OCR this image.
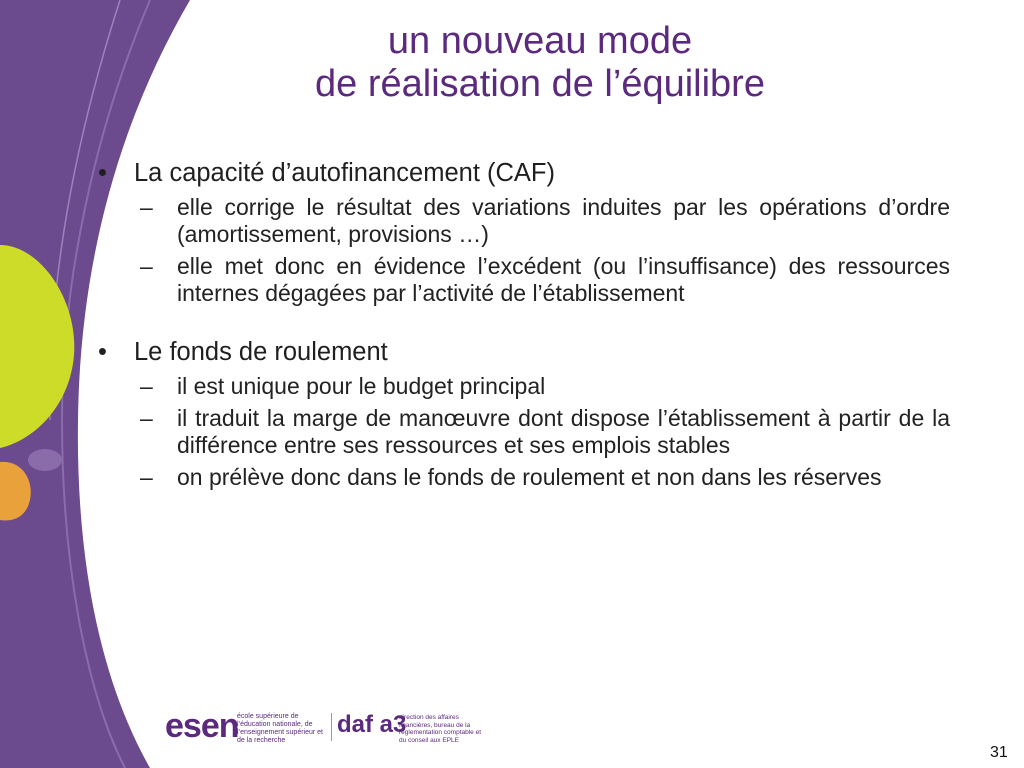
un nouveau mode
de réalisation de l’équilibre
• La capacité d’autofinancement (CAF)
– elle corrige le résultat des variations induites par les opérations d’ordre (amortissement, provisions …)
– elle met donc en évidence l’excédent (ou l’insuffisance) des ressources internes dégagées par l’activité de l’établissement
• Le fonds de roulement
– il est unique pour le budget principal
– il traduit la marge de manœuvre dont dispose l’établissement à partir de la différence entre ses ressources et ses emplois stables
– on prélève donc dans le fonds de roulement et non dans les réserves
esen
école supérieure de l’éducation nationale, de l’enseignement supérieur et de la recherche
daf a3
direction des affaires financières, bureau de la réglementation comptable et du conseil aux EPLE
31
